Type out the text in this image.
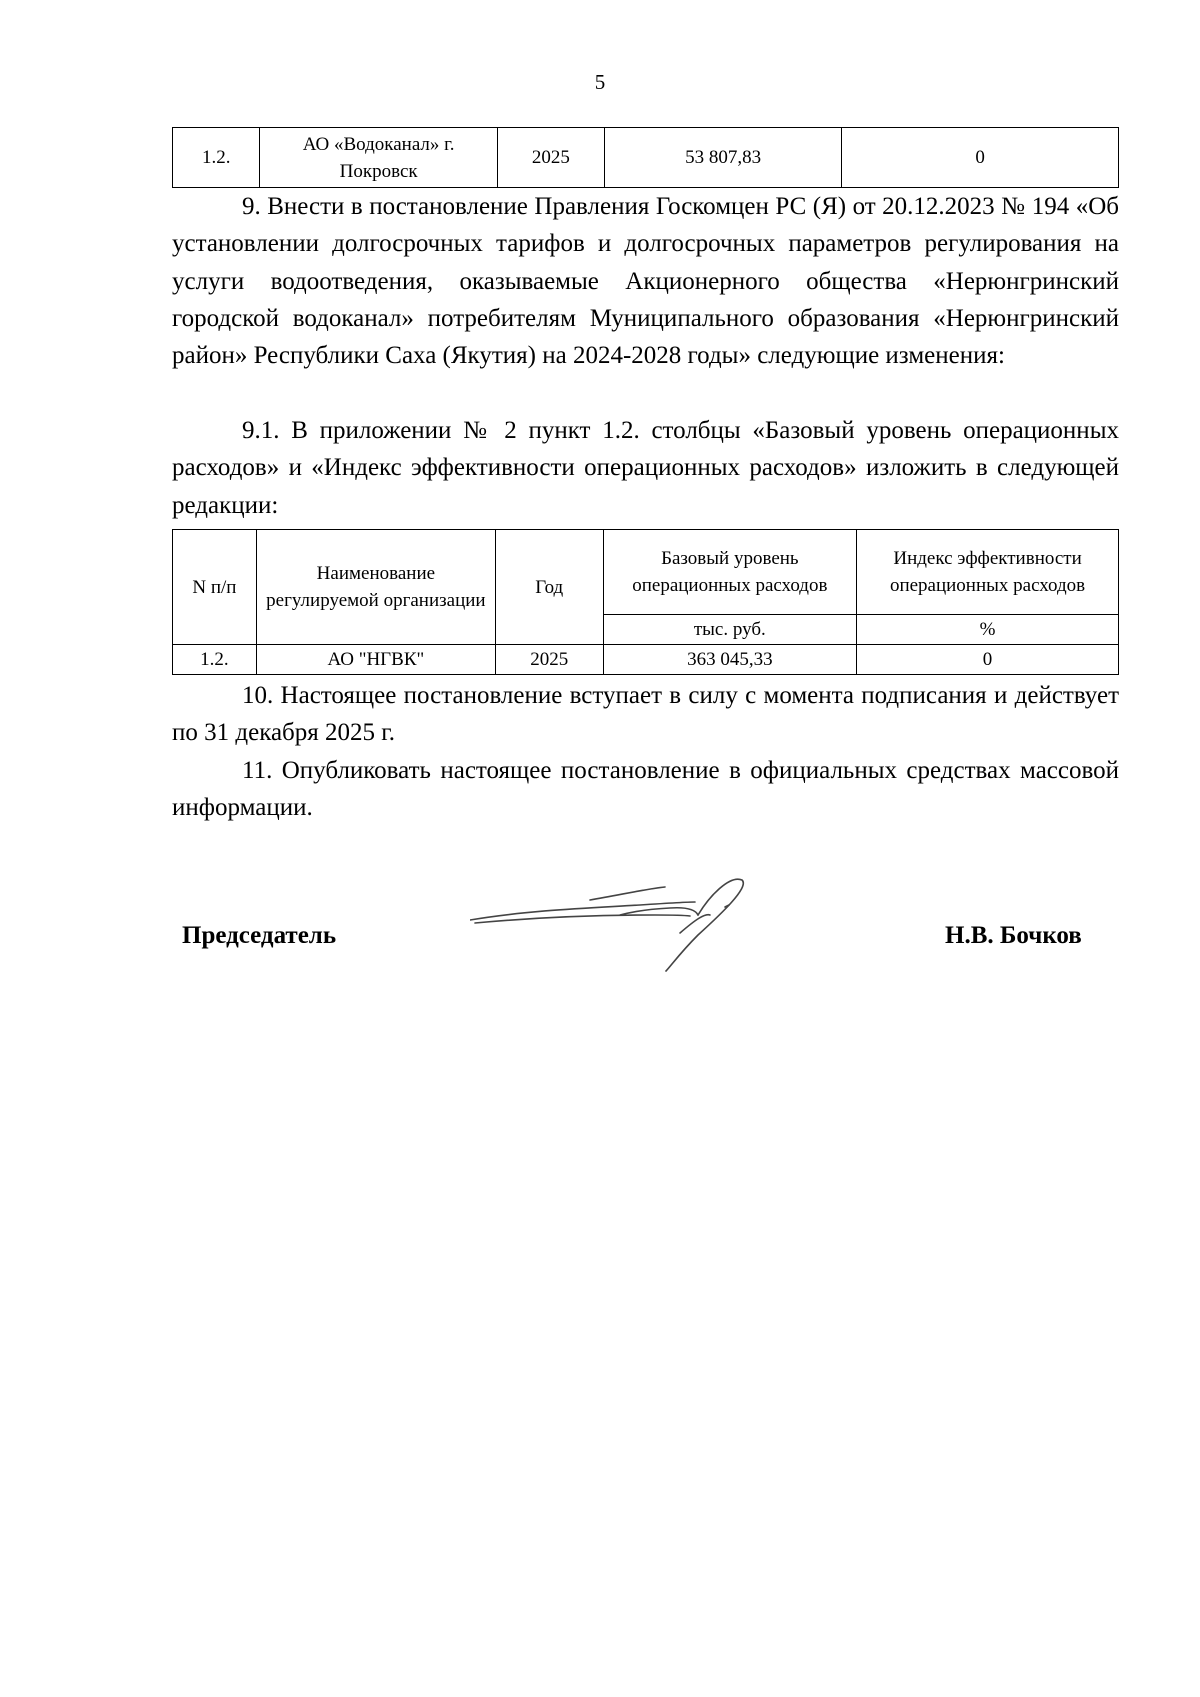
5
1.2.	АО «Водоканал» г. Покровск	2025	53 807,83	0

9. Внести в постановление Правления Госкомцен РС (Я) от 20.12.2023 № 194 «Об установлении долгосрочных тарифов и долгосрочных параметров регулирования на услуги водоотведения, оказываемые Акционерного общества «Нерюнгринский городской водоканал» потребителям Муниципального образования «Нерюнгринский район» Республики Саха (Якутия) на 2024-2028 годы» следующие изменения:

9.1. В приложении № 2 пункт 1.2. столбцы «Базовый уровень операционных расходов» и «Индекс эффективности операционных расходов» изложить в следующей редакции:

N п/п	Наименование регулируемой организации	Год	Базовый уровень операционных расходов	Индекс эффективности операционных расходов
			тыс. руб.	%
1.2.	АО "НГВК"	2025	363 045,33	0

10. Настоящее постановление вступает в силу с момента подписания и действует по 31 декабря 2025 г.

11. Опубликовать настоящее постановление в официальных средствах массовой информации.

Председатель	Н.В. Бочков
